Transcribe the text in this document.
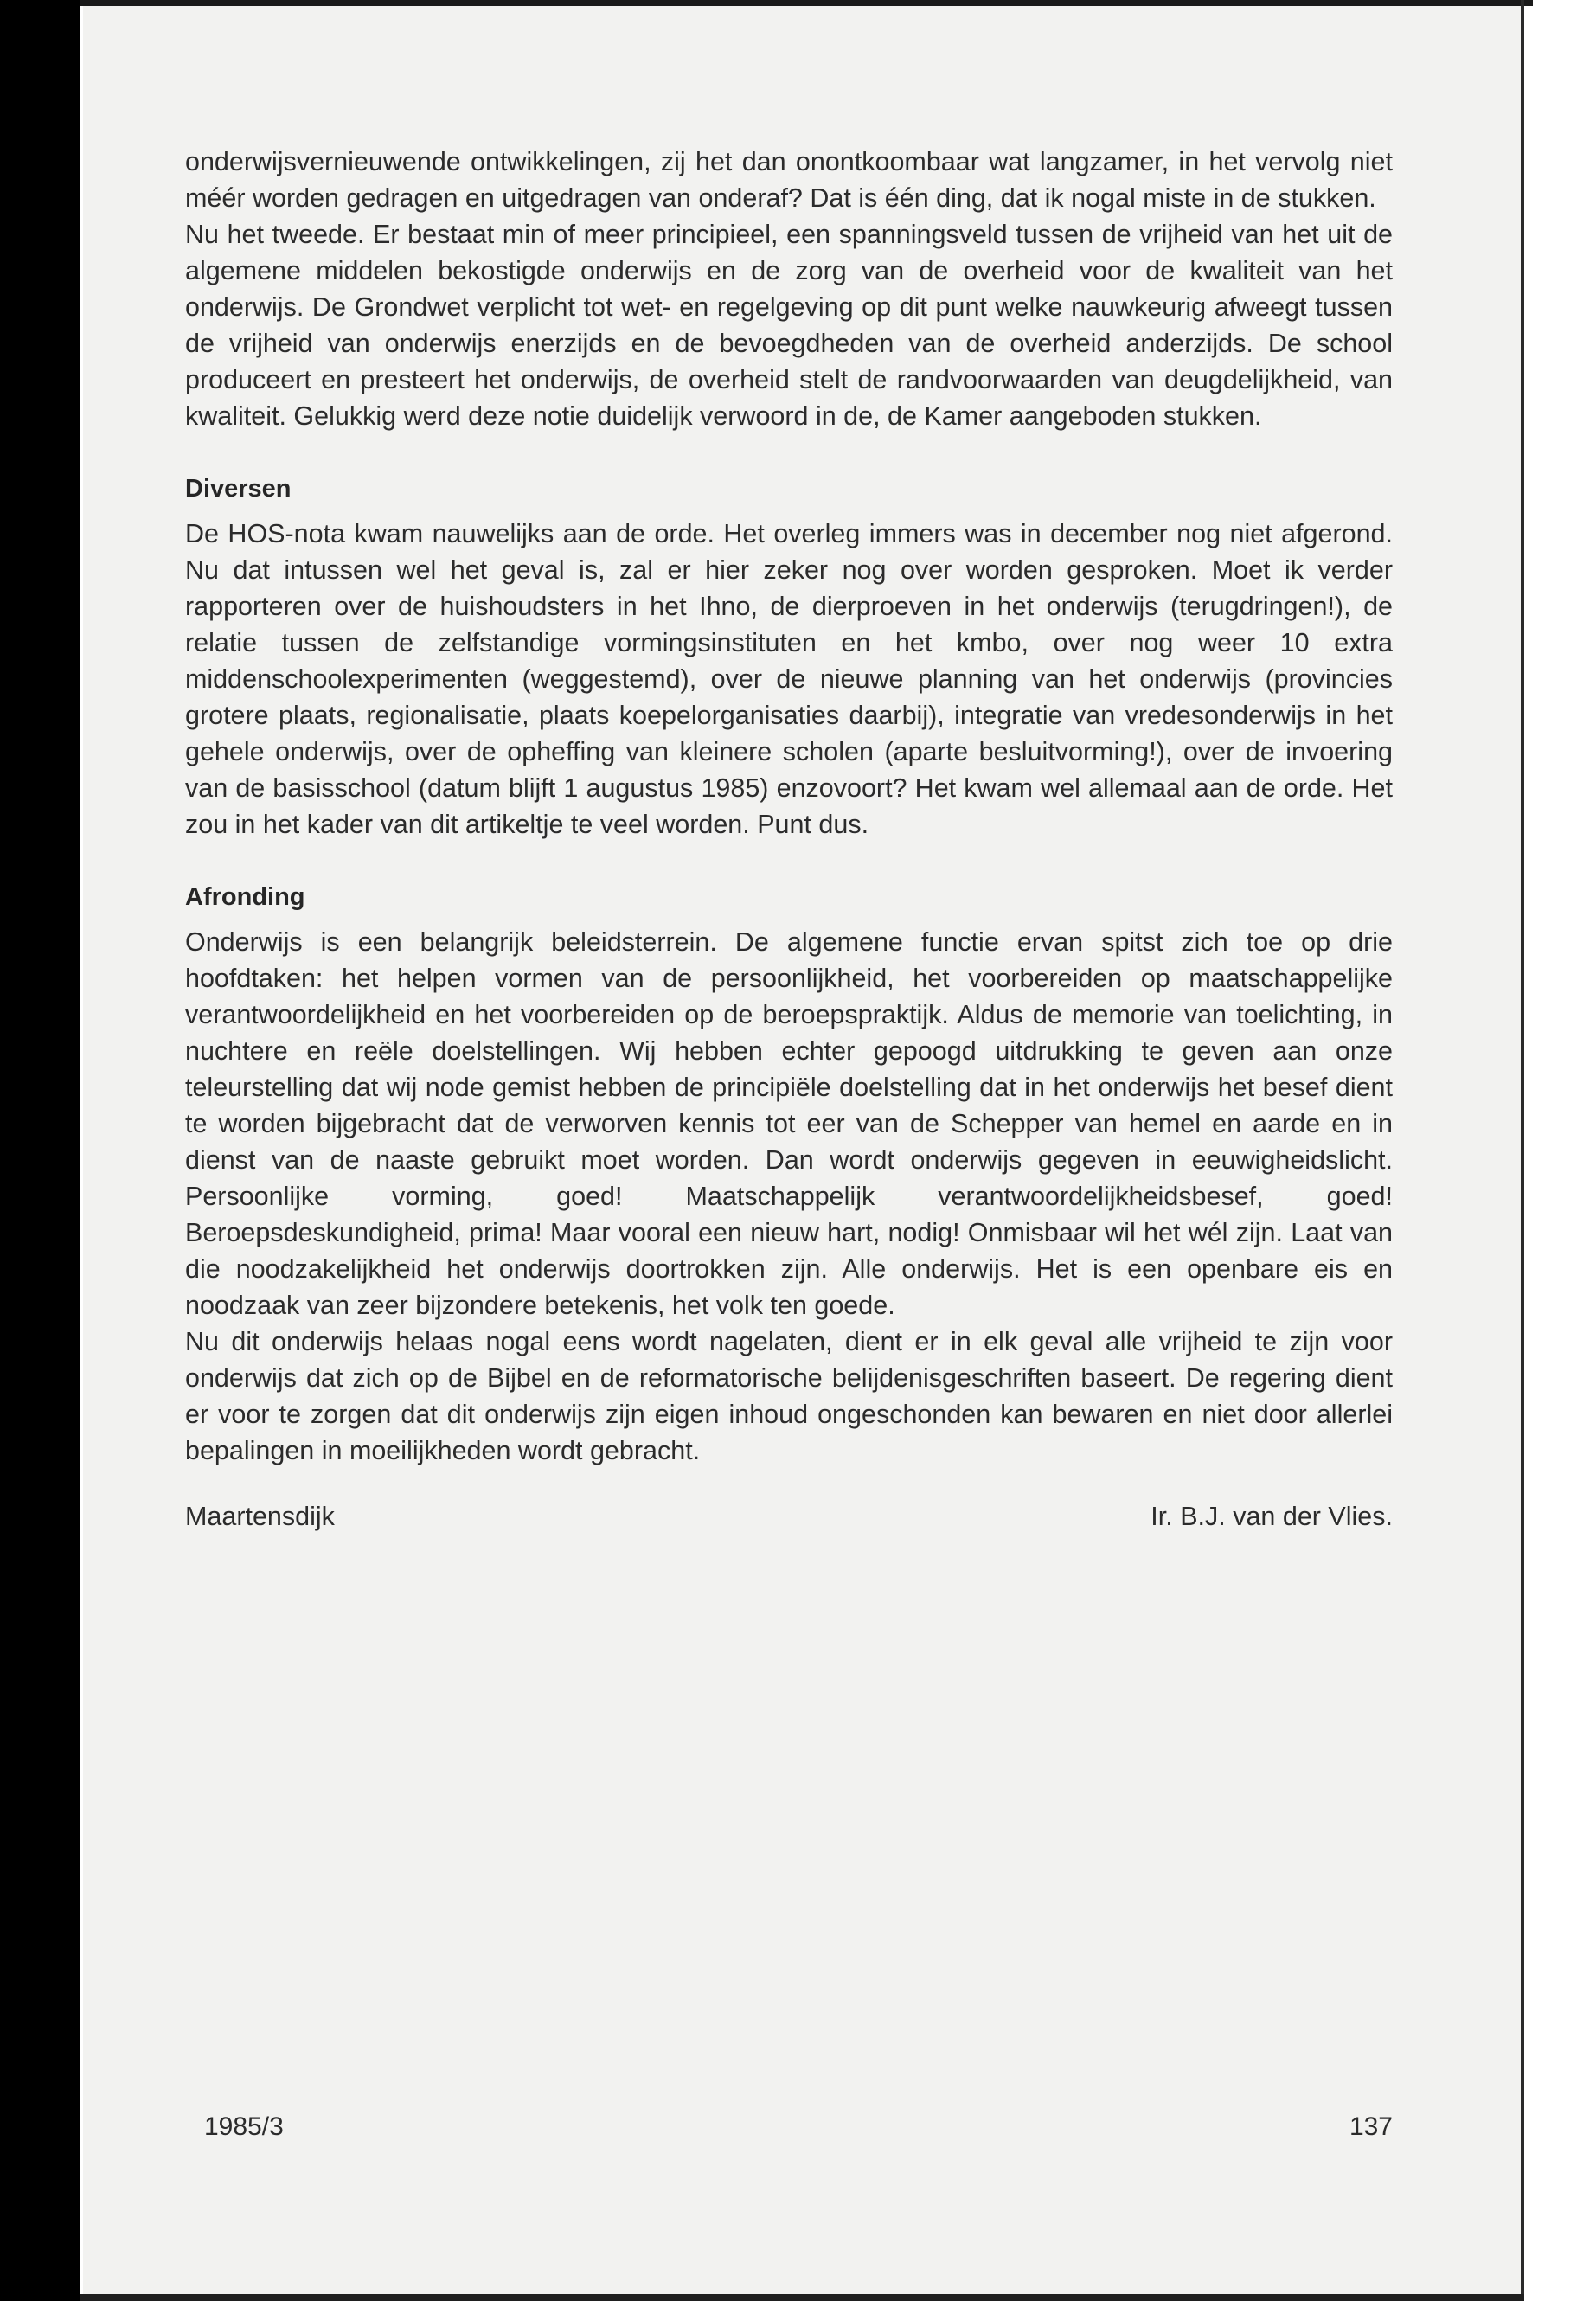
onderwijsvernieuwende ontwikkelingen, zij het dan onontkoombaar wat langzamer, in het vervolg niet méér worden gedragen en uitgedragen van onderaf? Dat is één ding, dat ik nogal miste in de stukken.

Nu het tweede. Er bestaat min of meer principieel, een spanningsveld tussen de vrijheid van het uit de algemene middelen bekostigde onderwijs en de zorg van de overheid voor de kwaliteit van het onderwijs. De Grondwet verplicht tot wet- en regelgeving op dit punt welke nauwkeurig afweegt tussen de vrijheid van onderwijs enerzijds en de bevoegdheden van de overheid anderzijds. De school produceert en presteert het onderwijs, de overheid stelt de randvoorwaarden van deugdelijkheid, van kwaliteit. Gelukkig werd deze notie duidelijk verwoord in de, de Kamer aangeboden stukken.

Diversen

De HOS-nota kwam nauwelijks aan de orde. Het overleg immers was in december nog niet afgerond. Nu dat intussen wel het geval is, zal er hier zeker nog over worden gesproken. Moet ik verder rapporteren over de huishoudsters in het Ihno, de dierproeven in het onderwijs (terugdringen!), de relatie tussen de zelfstandige vormingsinstituten en het kmbo, over nog weer 10 extra middenschoolexperimenten (weggestemd), over de nieuwe planning van het onderwijs (provincies grotere plaats, regionalisatie, plaats koepelorganisaties daarbij), integratie van vredesonderwijs in het gehele onderwijs, over de opheffing van kleinere scholen (aparte besluitvorming!), over de invoering van de basisschool (datum blijft 1 augustus 1985) enzovoort? Het kwam wel allemaal aan de orde. Het zou in het kader van dit artikeltje te veel worden. Punt dus.

Afronding

Onderwijs is een belangrijk beleidsterrein. De algemene functie ervan spitst zich toe op drie hoofdtaken: het helpen vormen van de persoonlijkheid, het voorbereiden op maatschappelijke verantwoordelijkheid en het voorbereiden op de beroepspraktijk. Aldus de memorie van toelichting, in nuchtere en reële doelstellingen. Wij hebben echter gepoogd uitdrukking te geven aan onze teleurstelling dat wij node gemist hebben de principiële doelstelling dat in het onderwijs het besef dient te worden bijgebracht dat de verworven kennis tot eer van de Schepper van hemel en aarde en in dienst van de naaste gebruikt moet worden. Dan wordt onderwijs gegeven in eeuwigheidslicht. Persoonlijke vorming, goed! Maatschappelijk verantwoordelijkheidsbesef, goed! Beroepsdeskundigheid, prima! Maar vooral een nieuw hart, nodig! Onmisbaar wil het wél zijn. Laat van die noodzakelijkheid het onderwijs doortrokken zijn. Alle onderwijs. Het is een openbare eis en noodzaak van zeer bijzondere betekenis, het volk ten goede.

Nu dit onderwijs helaas nogal eens wordt nagelaten, dient er in elk geval alle vrijheid te zijn voor onderwijs dat zich op de Bijbel en de reformatorische belijdenisgeschriften baseert. De regering dient er voor te zorgen dat dit onderwijs zijn eigen inhoud ongeschonden kan bewaren en niet door allerlei bepalingen in moeilijkheden wordt gebracht.

Maartensdijk	Ir. B.J. van der Vlies.
1985/3	137
